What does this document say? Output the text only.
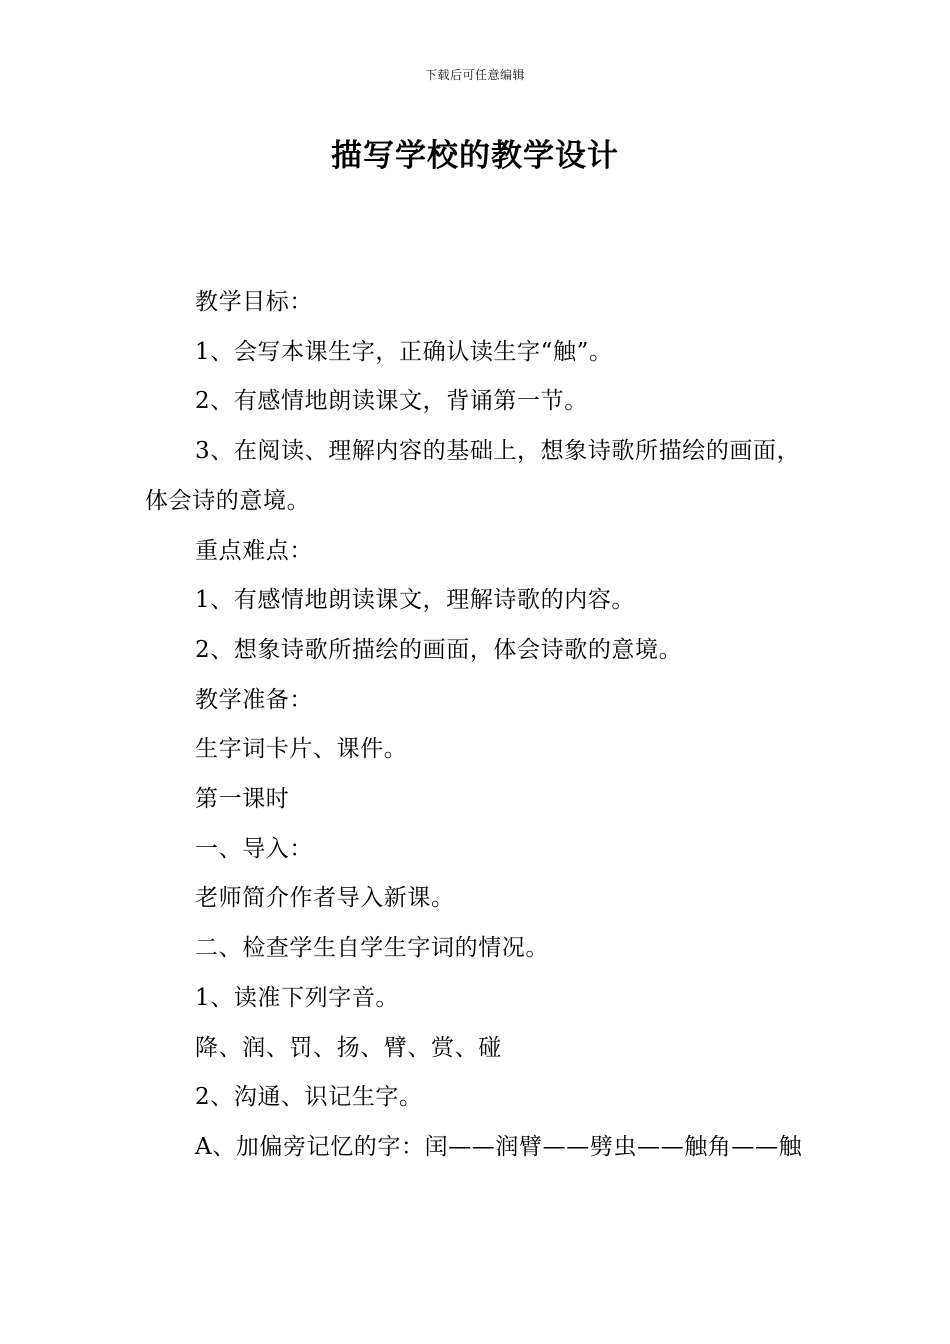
下载后可任意编辑
描写学校的教学设计

教学目标：

1、会写本课生字，正确认读生字“触”。

2、有感情地朗读课文，背诵第一节。

3、在阅读、理解内容的基础上，想象诗歌所描绘的画面，体会诗的意境。

重点难点：

1、有感情地朗读课文，理解诗歌的内容。

2、想象诗歌所描绘的画面，体会诗歌的意境。

教学准备：

生字词卡片、课件。

第一课时

一、导入：

老师简介作者导入新课。

二、检查学生自学生字词的情况。

1、读准下列字音。

降、润、罚、扬、臂、赏、碰

2、沟通、识记生字。

A、加偏旁记忆的字：闰——润臂——劈虫——触角——触
